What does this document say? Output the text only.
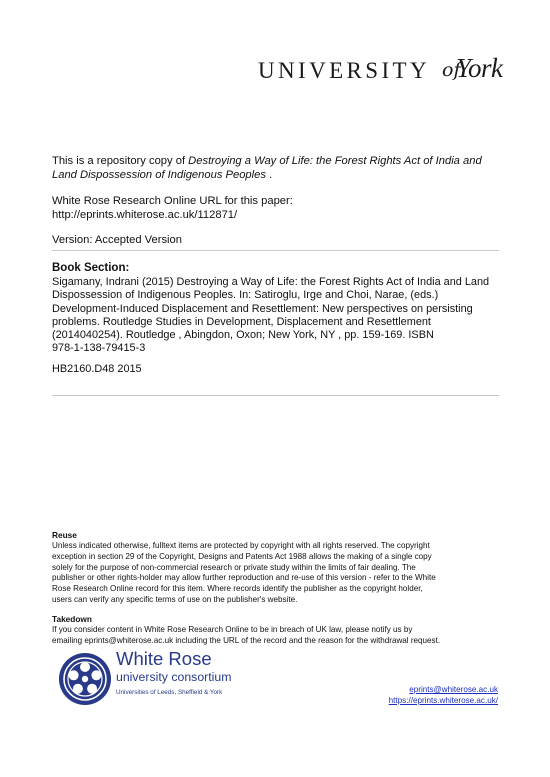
UNIVERSITY of
York
This is a repository copy of Destroying a Way of Life: the Forest Rights Act of India and
Land Dispossession of Indigenous Peoples .
White Rose Research Online URL for this paper:
http://eprints.whiterose.ac.uk/112871/
Version: Accepted Version
Book Section:
Sigamany, Indrani (2015) Destroying a Way of Life: the Forest Rights Act of India and Land
Dispossession of Indigenous Peoples. In: Satiroglu, Irge and Choi, Narae, (eds.)
Development-Induced Displacement and Resettlement: New perspectives on persisting
problems. Routledge Studies in Development, Displacement and Resettlement
(2014040254). Routledge , Abingdon, Oxon; New York, NY , pp. 159-169. ISBN
978-1-138-79415-3
HB2160.D48 2015
Reuse
Unless indicated otherwise, fulltext items are protected by copyright with all rights reserved. The copyright
exception in section 29 of the Copyright, Designs and Patents Act 1988 allows the making of a single copy
solely for the purpose of non-commercial research or private study within the limits of fair dealing. The
publisher or other rights-holder may allow further reproduction and re-use of this version - refer to the White
Rose Research Online record for this item. Where records identify the publisher as the copyright holder,
users can verify any specific terms of use on the publisher's website.
Takedown
If you consider content in White Rose Research Online to be in breach of UK law, please notify us by
emailing eprints@whiterose.ac.uk including the URL of the record and the reason for the withdrawal request.
White Rose
university consortium
Universities of Leeds, Sheffield & York	eprints@whiterose.ac.uk
https://eprints.whiterose.ac.uk/
